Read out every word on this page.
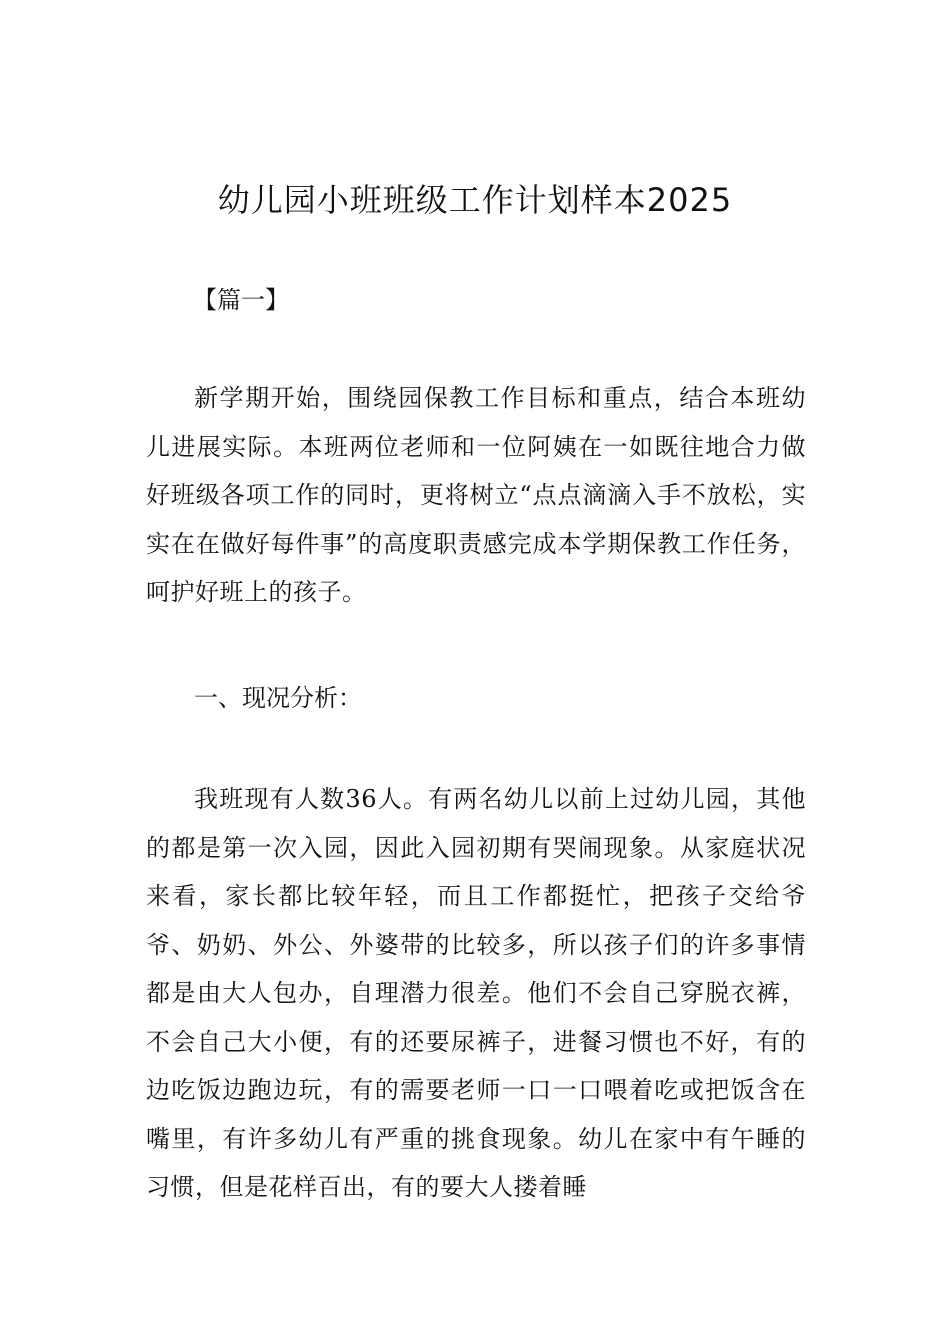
幼儿园小班班级工作计划样本2025

【篇一】

新学期开始，围绕园保教工作目标和重点，结合本班幼儿进展实际。本班两位老师和一位阿姨在一如既往地合力做好班级各项工作的同时，更将树立“点点滴滴入手不放松，实实在在做好每件事”的高度职责感完成本学期保教工作任务，呵护好班上的孩子。

一、现况分析：

我班现有人数36人。有两名幼儿以前上过幼儿园，其他的都是第一次入园，因此入园初期有哭闹现象。从家庭状况来看，家长都比较年轻，而且工作都挺忙，把孩子交给爷爷、奶奶、外公、外婆带的比较多，所以孩子们的许多事情都是由大人包办，自理潜力很差。他们不会自己穿脱衣裤，不会自己大小便，有的还要尿裤子，进餐习惯也不好，有的边吃饭边跑边玩，有的需要老师一口一口喂着吃或把饭含在嘴里，有许多幼儿有严重的挑食现象。幼儿在家中有午睡的习惯，但是花样百出，有的要大人搂着睡
